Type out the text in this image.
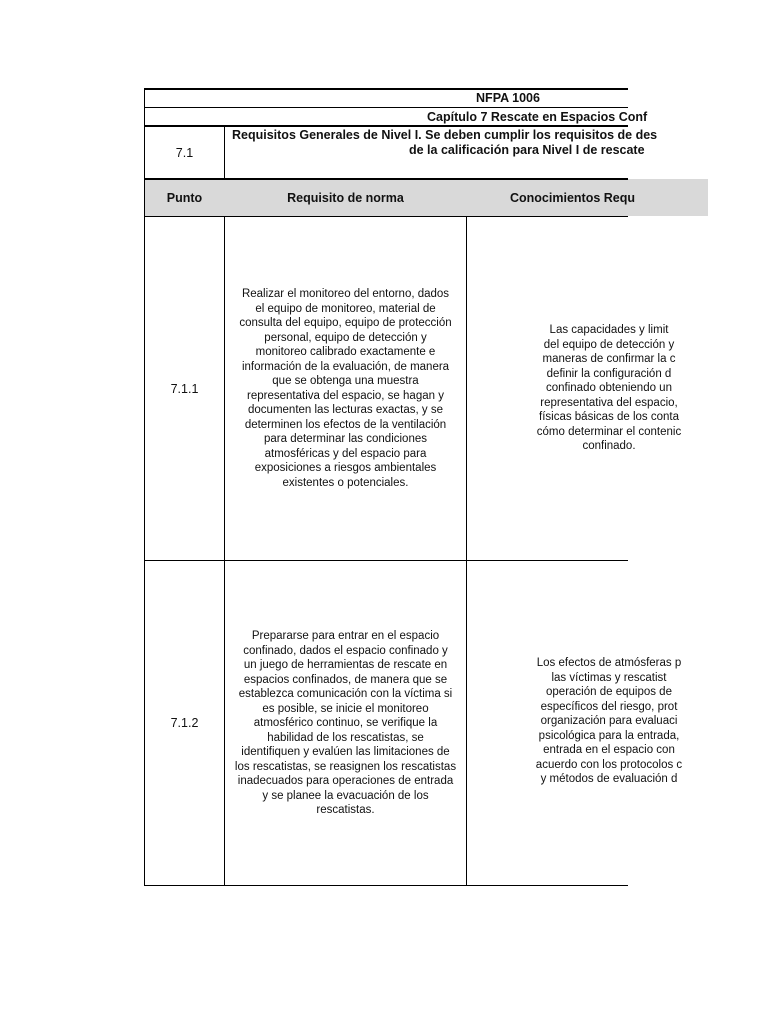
NFPA 1006
Capítulo 7 Rescate en Espacios Conf
7.1
Requisitos Generales de Nivel I. Se deben cumplir los requisitos de des
de la calificación para Nivel I de rescate
Punto	Requisito de norma	Conocimientos Requ
7.1.1
Realizar el monitoreo del entorno, dados
el equipo de monitoreo, material de
consulta del equipo, equipo de protección
personal, equipo de detección y
monitoreo calibrado exactamente e
información de la evaluación, de manera
que se obtenga una muestra
representativa del espacio, se hagan y
documenten las lecturas exactas, y se
determinen los efectos de la ventilación
para determinar las condiciones
atmosféricas y del espacio para
exposiciones a riesgos ambientales
existentes o potenciales.
Las capacidades y limit
del equipo de detección y
maneras de confirmar la c
definir la configuración d
confinado obteniendo un
representativa del espacio,
físicas básicas de los conta
cómo determinar el contenic
confinado.
7.1.2
Prepararse para entrar en el espacio
confinado, dados el espacio confinado y
un juego de herramientas de rescate en
espacios confinados, de manera que se
establezca comunicación con la víctima si
es posible, se inicie el monitoreo
atmosférico continuo, se verifique la
habilidad de los rescatistas, se
identifiquen y evalúen las limitaciones de
los rescatistas, se reasignen los rescatistas
inadecuados para operaciones de entrada
y se planee la evacuación de los
rescatistas.
Los efectos de atmósferas p
las víctimas y rescatist
operación de equipos de
específicos del riesgo, prot
organización para evaluaci
psicológica para la entrada,
entrada en el espacio con
acuerdo con los protocolos c
y métodos de evaluación d
